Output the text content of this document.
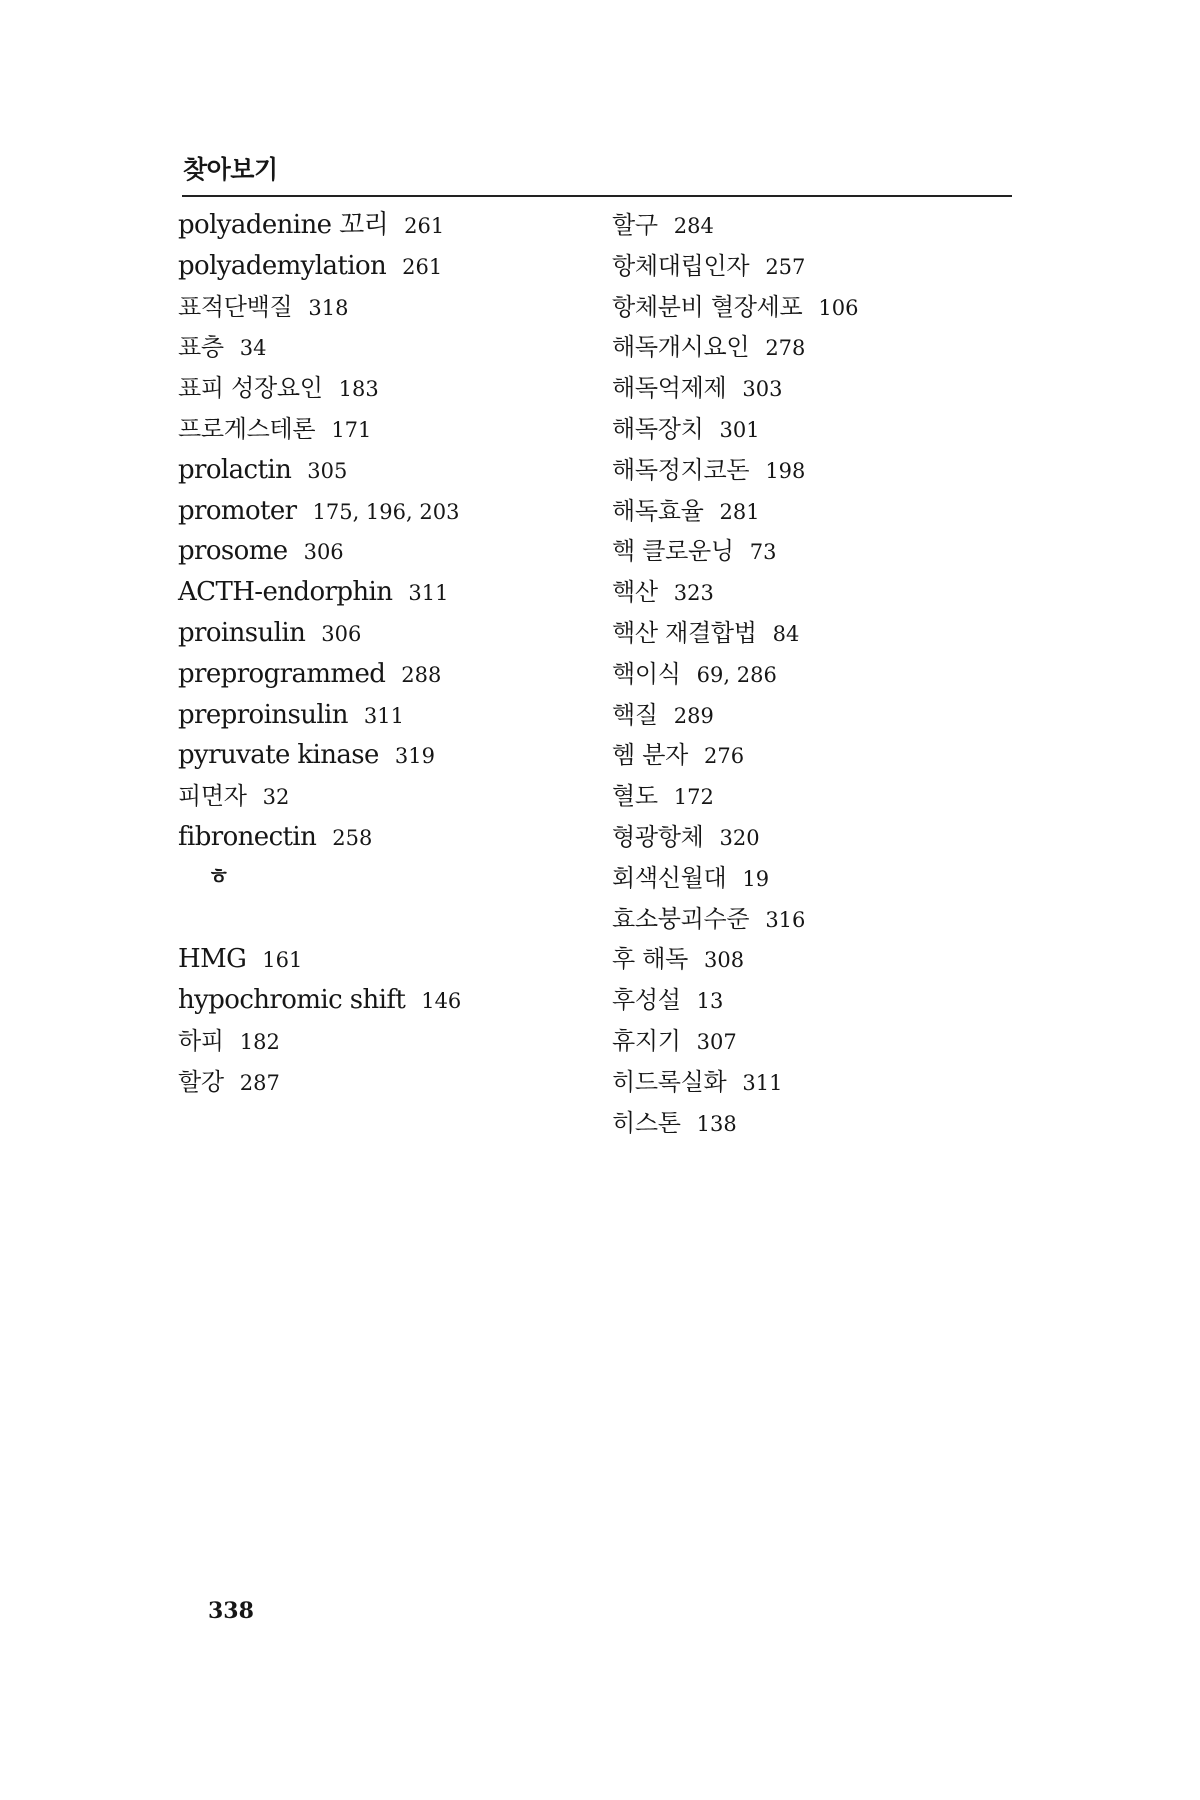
찾아보기
polyadenine 꼬리 261
polyademylation 261
표적단백질 318
표층 34
표피 성장요인 183
프로게스테론 171
prolactin 305
promoter 175, 196, 203
prosome 306
ACTH-endorphin 311
proinsulin 306
preprogrammed 288
preproinsulin 311
pyruvate kinase 319
피면자 32
fibronectin 258
ㅎ
HMG 161
hypochromic shift 146
하피 182
할강 287
할구 284
항체대립인자 257
항체분비 혈장세포 106
해독개시요인 278
해독억제제 303
해독장치 301
해독정지코돈 198
해독효율 281
핵 클로운닝 73
핵산 323
핵산 재결합법 84
핵이식 69, 286
핵질 289
헴 분자 276
혈도 172
형광항체 320
회색신월대 19
효소붕괴수준 316
후 해독 308
후성설 13
휴지기 307
히드록실화 311
히스톤 138
338
